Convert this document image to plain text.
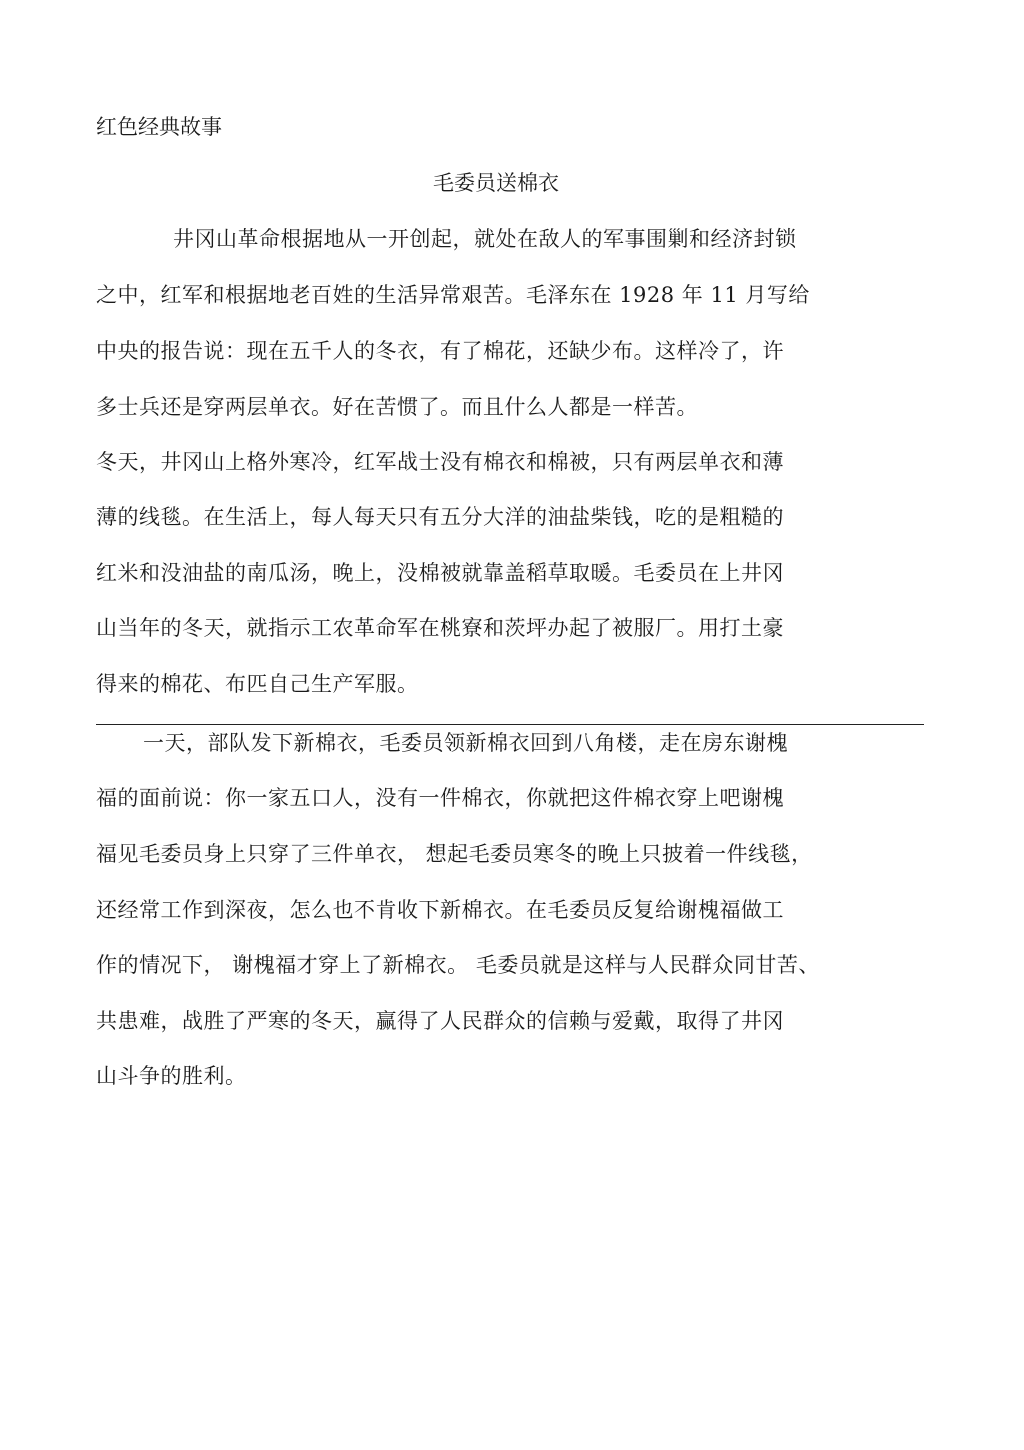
红色经典故事
毛委员送棉衣
井冈山革命根据地从一开创起，就处在敌人的军事围剿和经济封锁
之中，红军和根据地老百姓的生活异常艰苦。毛泽东在 1928 年 11 月写给
中央的报告说：现在五千人的冬衣，有了棉花，还缺少布。这样冷了，许
多士兵还是穿两层单衣。好在苦惯了。而且什么人都是一样苦。
冬天，井冈山上格外寒冷，红军战士没有棉衣和棉被，只有两层单衣和薄
薄的线毯。在生活上，每人每天只有五分大洋的油盐柴钱，吃的是粗糙的
红米和没油盐的南瓜汤，晚上，没棉被就靠盖稻草取暖。毛委员在上井冈
山当年的冬天，就指示工农革命军在桃寮和茨坪办起了被服厂。用打土豪
得来的棉花、布匹自己生产军服。
一天，部队发下新棉衣，毛委员领新棉衣回到八角楼，走在房东谢槐
福的面前说：你一家五口人，没有一件棉衣，你就把这件棉衣穿上吧谢槐
福见毛委员身上只穿了三件单衣， 想起毛委员寒冬的晚上只披着一件线毯，
还经常工作到深夜，怎么也不肯收下新棉衣。在毛委员反复给谢槐福做工
作的情况下， 谢槐福才穿上了新棉衣。 毛委员就是这样与人民群众同甘苦、
共患难，战胜了严寒的冬天，赢得了人民群众的信赖与爱戴，取得了井冈
山斗争的胜利。
